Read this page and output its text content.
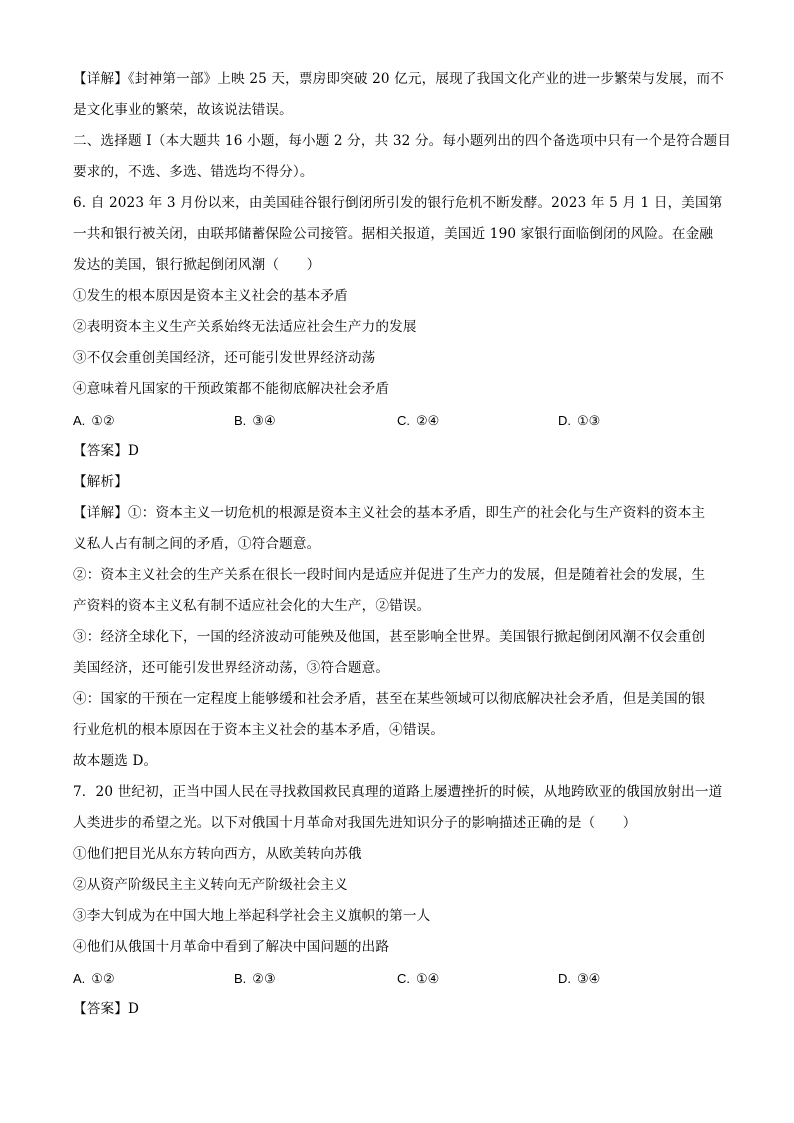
【详解】《封神第一部》上映 25 天，票房即突破 20 亿元，展现了我国文化产业的进一步繁荣与发展，而不
是文化事业的繁荣，故该说法错误。
二、选择题 I（本大题共 16 小题，每小题 2 分，共 32 分。每小题列出的四个备选项中只有一个是符合题目
要求的，不选、多选、错选均不得分）。
6. 自 2023 年 3 月份以来，由美国硅谷银行倒闭所引发的银行危机不断发酵。2023 年 5 月 1 日，美国第
一共和银行被关闭，由联邦储蓄保险公司接管。据相关报道，美国近 190 家银行面临倒闭的风险。在金融
发达的美国，银行掀起倒闭风潮（　　）
①发生的根本原因是资本主义社会的基本矛盾
②表明资本主义生产关系始终无法适应社会生产力的发展
③不仅会重创美国经济，还可能引发世界经济动荡
④意味着凡国家的干预政策都不能彻底解决社会矛盾
A. ①②	B. ③④	C. ②④	D. ①③
【答案】D
【解析】
【详解】①：资本主义一切危机的根源是资本主义社会的基本矛盾，即生产的社会化与生产资料的资本主
义私人占有制之间的矛盾，①符合题意。
②：资本主义社会的生产关系在很长一段时间内是适应并促进了生产力的发展，但是随着社会的发展，生
产资料的资本主义私有制不适应社会化的大生产，②错误。
③：经济全球化下，一国的经济波动可能殃及他国，甚至影响全世界。美国银行掀起倒闭风潮不仅会重创
美国经济，还可能引发世界经济动荡，③符合题意。
④：国家的干预在一定程度上能够缓和社会矛盾，甚至在某些领域可以彻底解决社会矛盾，但是美国的银
行业危机的根本原因在于资本主义社会的基本矛盾，④错误。
故本题选 D。
7．20 世纪初，正当中国人民在寻找救国救民真理的道路上屡遭挫折的时候，从地跨欧亚的俄国放射出一道
人类进步的希望之光。以下对俄国十月革命对我国先进知识分子的影响描述正确的是（　　）
①他们把目光从东方转向西方，从欧美转向苏俄
②从资产阶级民主主义转向无产阶级社会主义
③李大钊成为在中国大地上举起科学社会主义旗帜的第一人
④他们从俄国十月革命中看到了解决中国问题的出路
A. ①②	B. ②③	C. ①④	D. ③④
【答案】D
